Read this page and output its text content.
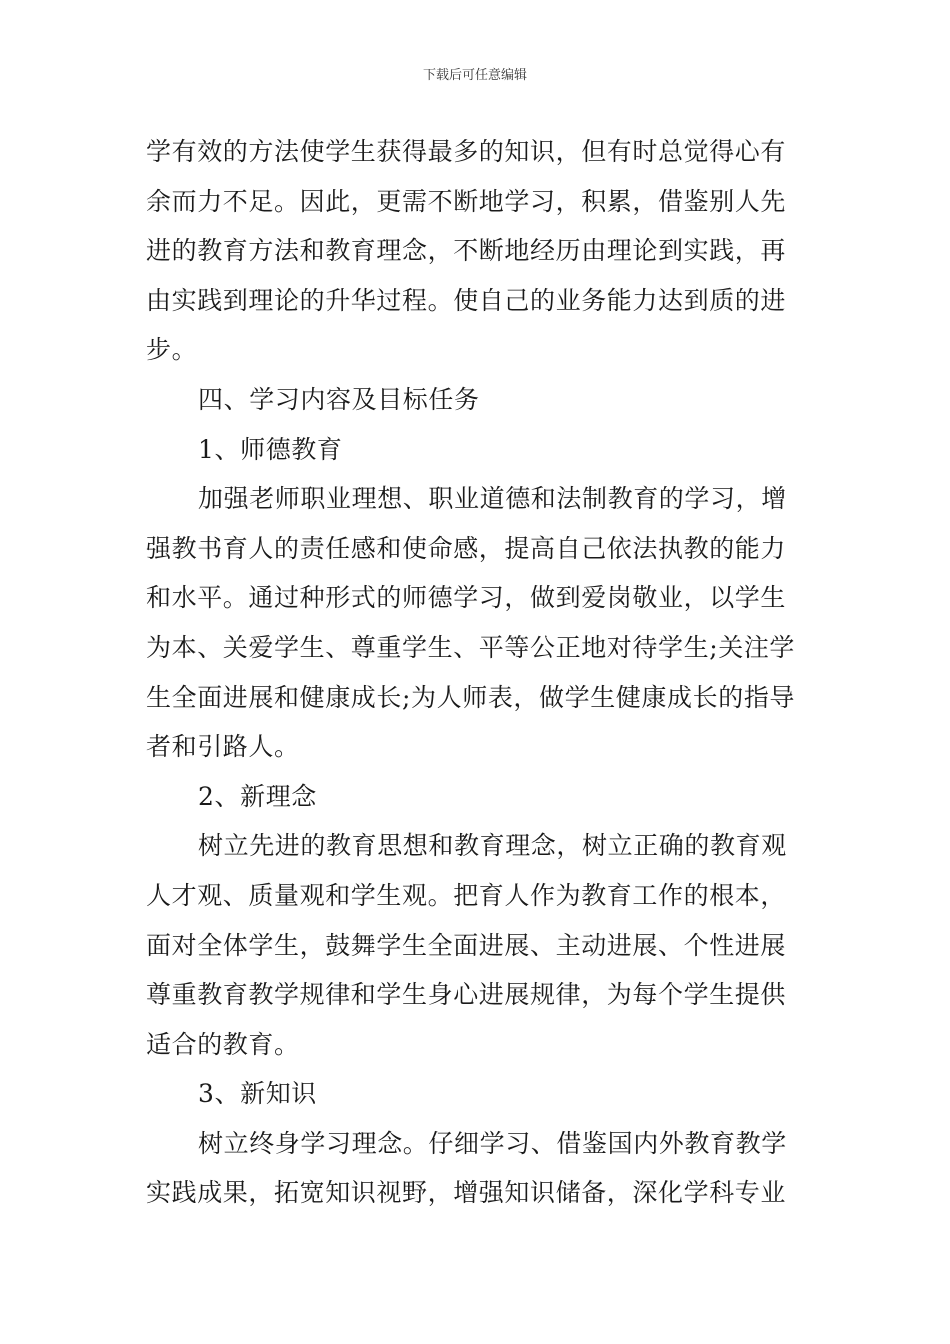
下载后可任意编辑
学有效的方法使学生获得最多的知识，但有时总觉得心有
余而力不足。因此，更需不断地学习，积累，借鉴别人先
进的教育方法和教育理念，不断地经历由理论到实践，再
由实践到理论的升华过程。使自己的业务能力达到质的进
步。
四、学习内容及目标任务
1、师德教育
加强老师职业理想、职业道德和法制教育的学习，增
强教书育人的责任感和使命感，提高自己依法执教的能力
和水平。通过种形式的师德学习，做到爱岗敬业，以学生
为本、关爱学生、尊重学生、平等公正地对待学生;关注学
生全面进展和健康成长;为人师表，做学生健康成长的指导
者和引路人。
2、新理念
树立先进的教育思想和教育理念，树立正确的教育观
人才观、质量观和学生观。把育人作为教育工作的根本，
面对全体学生，鼓舞学生全面进展、主动进展、个性进展
尊重教育教学规律和学生身心进展规律，为每个学生提供
适合的教育。
3、新知识
树立终身学习理念。仔细学习、借鉴国内外教育教学
实践成果，拓宽知识视野，增强知识储备，深化学科专业
